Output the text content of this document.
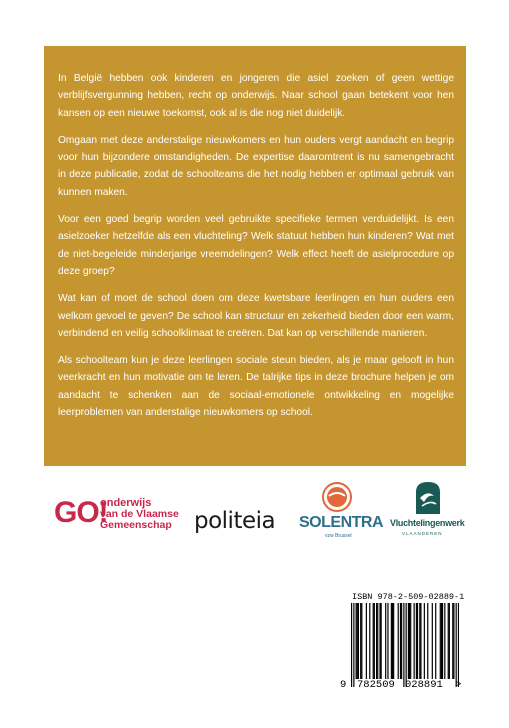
In België hebben ook kinderen en jongeren die asiel zoeken of geen wettige verblijfsvergunning hebben, recht op onderwijs. Naar school gaan betekent voor hen kansen op een nieuwe toekomst, ook al is die nog niet duidelijk.

Omgaan met deze anderstalige nieuwkomers en hun ouders vergt aandacht en begrip voor hun bijzondere omstandigheden. De expertise daaromtrent is nu samengebracht in deze publicatie, zodat de schoolteams die het nodig hebben er optimaal gebruik van kunnen maken.

Voor een goed begrip worden veel gebruikte specifieke termen verduidelijkt. Is een asielzoeker hetzelfde als een vluchteling? Welk statuut hebben hun kinderen? Wat met de niet-begeleide minderjarige vreemdelingen? Welk effect heeft de asielprocedure op deze groep?

Wat kan of moet de school doen om deze kwetsbare leerlingen en hun ouders een welkom gevoel te geven? De school kan structuur en zekerheid bieden door een warm, verbindend en veilig schoolklimaat te creëren. Dat kan op verschillende manieren.

Als schoolteam kun je deze leerlingen sociale steun bieden, als je maar gelooft in hun veerkracht en hun motivatie om te leren. De talrijke tips in deze brochure helpen je om aandacht te schenken aan de sociaal-emotionele ontwikkeling en mogelijke leerproblemen van anderstalige nieuwkomers op school.

GO!
onderwijs
van de Vlaamse
Gemeenschap politeia SOLENTRA
vzw Brussel
Vluchtelingenwerk
VLAANDEREN
ISBN 978-2-509-02889-1
9 782509 028891 >
